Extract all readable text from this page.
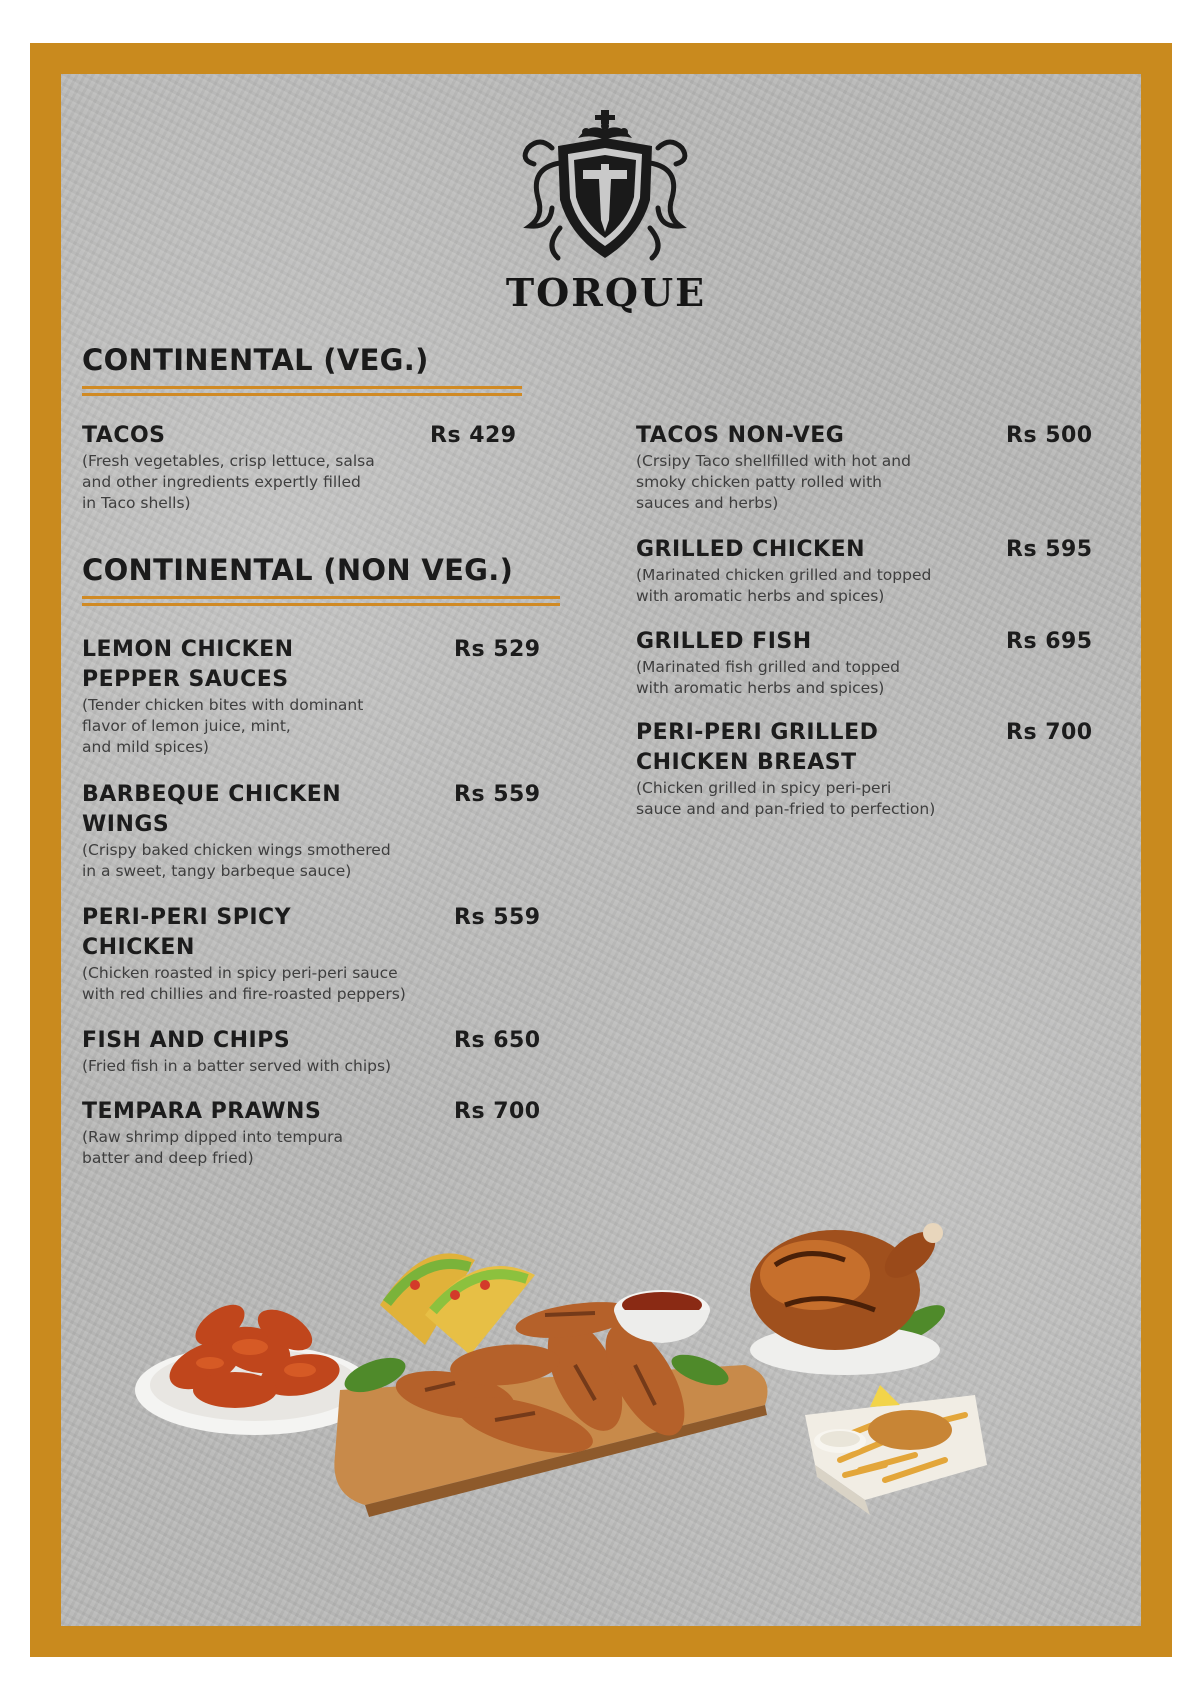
TORQUE
CONTINENTAL (VEG.)
TACOS	Rs 429
(Fresh vegetables, crisp lettuce, salsa
and other ingredients expertly filled
in Taco shells)
CONTINENTAL (NON VEG.)
LEMON CHICKEN
PEPPER SAUCES
Rs 529
(Tender chicken bites with dominant
flavor of lemon juice, mint,
and mild spices)
BARBEQUE CHICKEN
WINGS
Rs 559
(Crispy baked chicken wings smothered
in a sweet, tangy barbeque sauce)
PERI-PERI SPICY
CHICKEN
Rs 559
(Chicken roasted in spicy peri-peri sauce
with red chillies and fire-roasted peppers)
FISH AND CHIPS	Rs 650
(Fried fish in a batter served with chips)
TEMPARA PRAWNS	Rs 700
(Raw shrimp dipped into tempura
batter and deep fried)
TACOS NON-VEG	Rs 500
(Crsipy Taco shellfilled with hot and
smoky chicken patty rolled with
sauces and herbs)
GRILLED CHICKEN	Rs 595
(Marinated chicken grilled and topped
with aromatic herbs and spices)
GRILLED FISH	Rs 695
(Marinated fish grilled and topped
with aromatic herbs and spices)
PERI-PERI GRILLED
CHICKEN BREAST
Rs 700
(Chicken grilled in spicy peri-peri
sauce and and pan-fried to perfection)
